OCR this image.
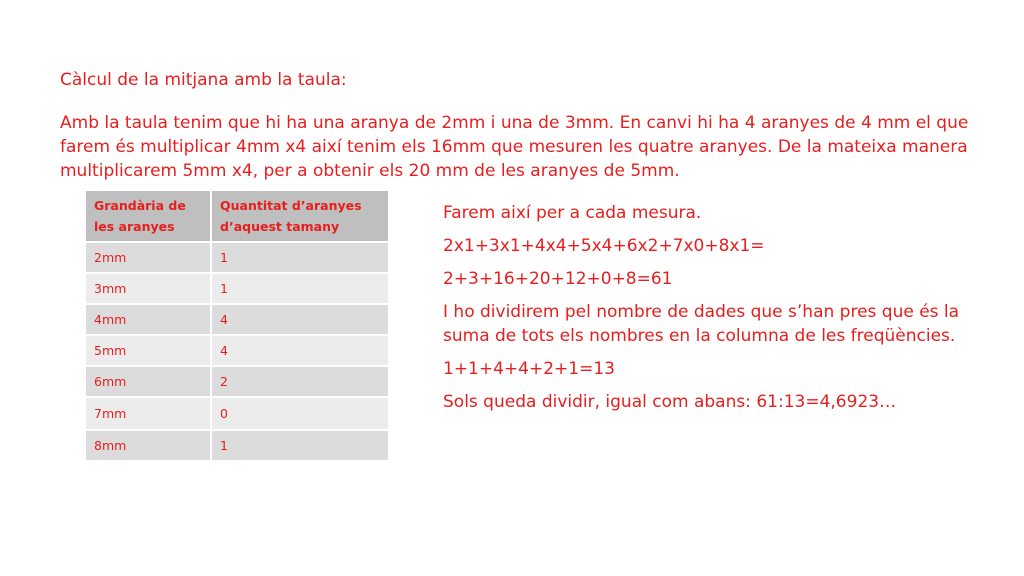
Càlcul de la mitjana amb la taula:

Amb la taula tenim que hi ha una aranya de 2mm i una de 3mm. En canvi hi ha 4 aranyes de 4 mm el que farem és multiplicar 4mm x4 així tenim els 16mm que mesuren les quatre aranyes. De la mateixa manera multiplicarem 5mm x4, per a obtenir els 20 mm de les aranyes de 5mm.

Grandària de les aranyes	Quantitat d’aranyes d’aquest tamany
2mm	1
3mm	1
4mm	4
5mm	4
6mm	2
7mm	0
8mm	1

Farem així per a cada mesura.

2x1+3x1+4x4+5x4+6x2+7x0+8x1=

2+3+16+20+12+0+8=61

I ho dividirem pel nombre de dades que s’han pres que és la suma de tots els nombres en la columna de les freqüències.

1+1+4+4+2+1=13

Sols queda dividir, igual com abans: 61:13=4,6923…
